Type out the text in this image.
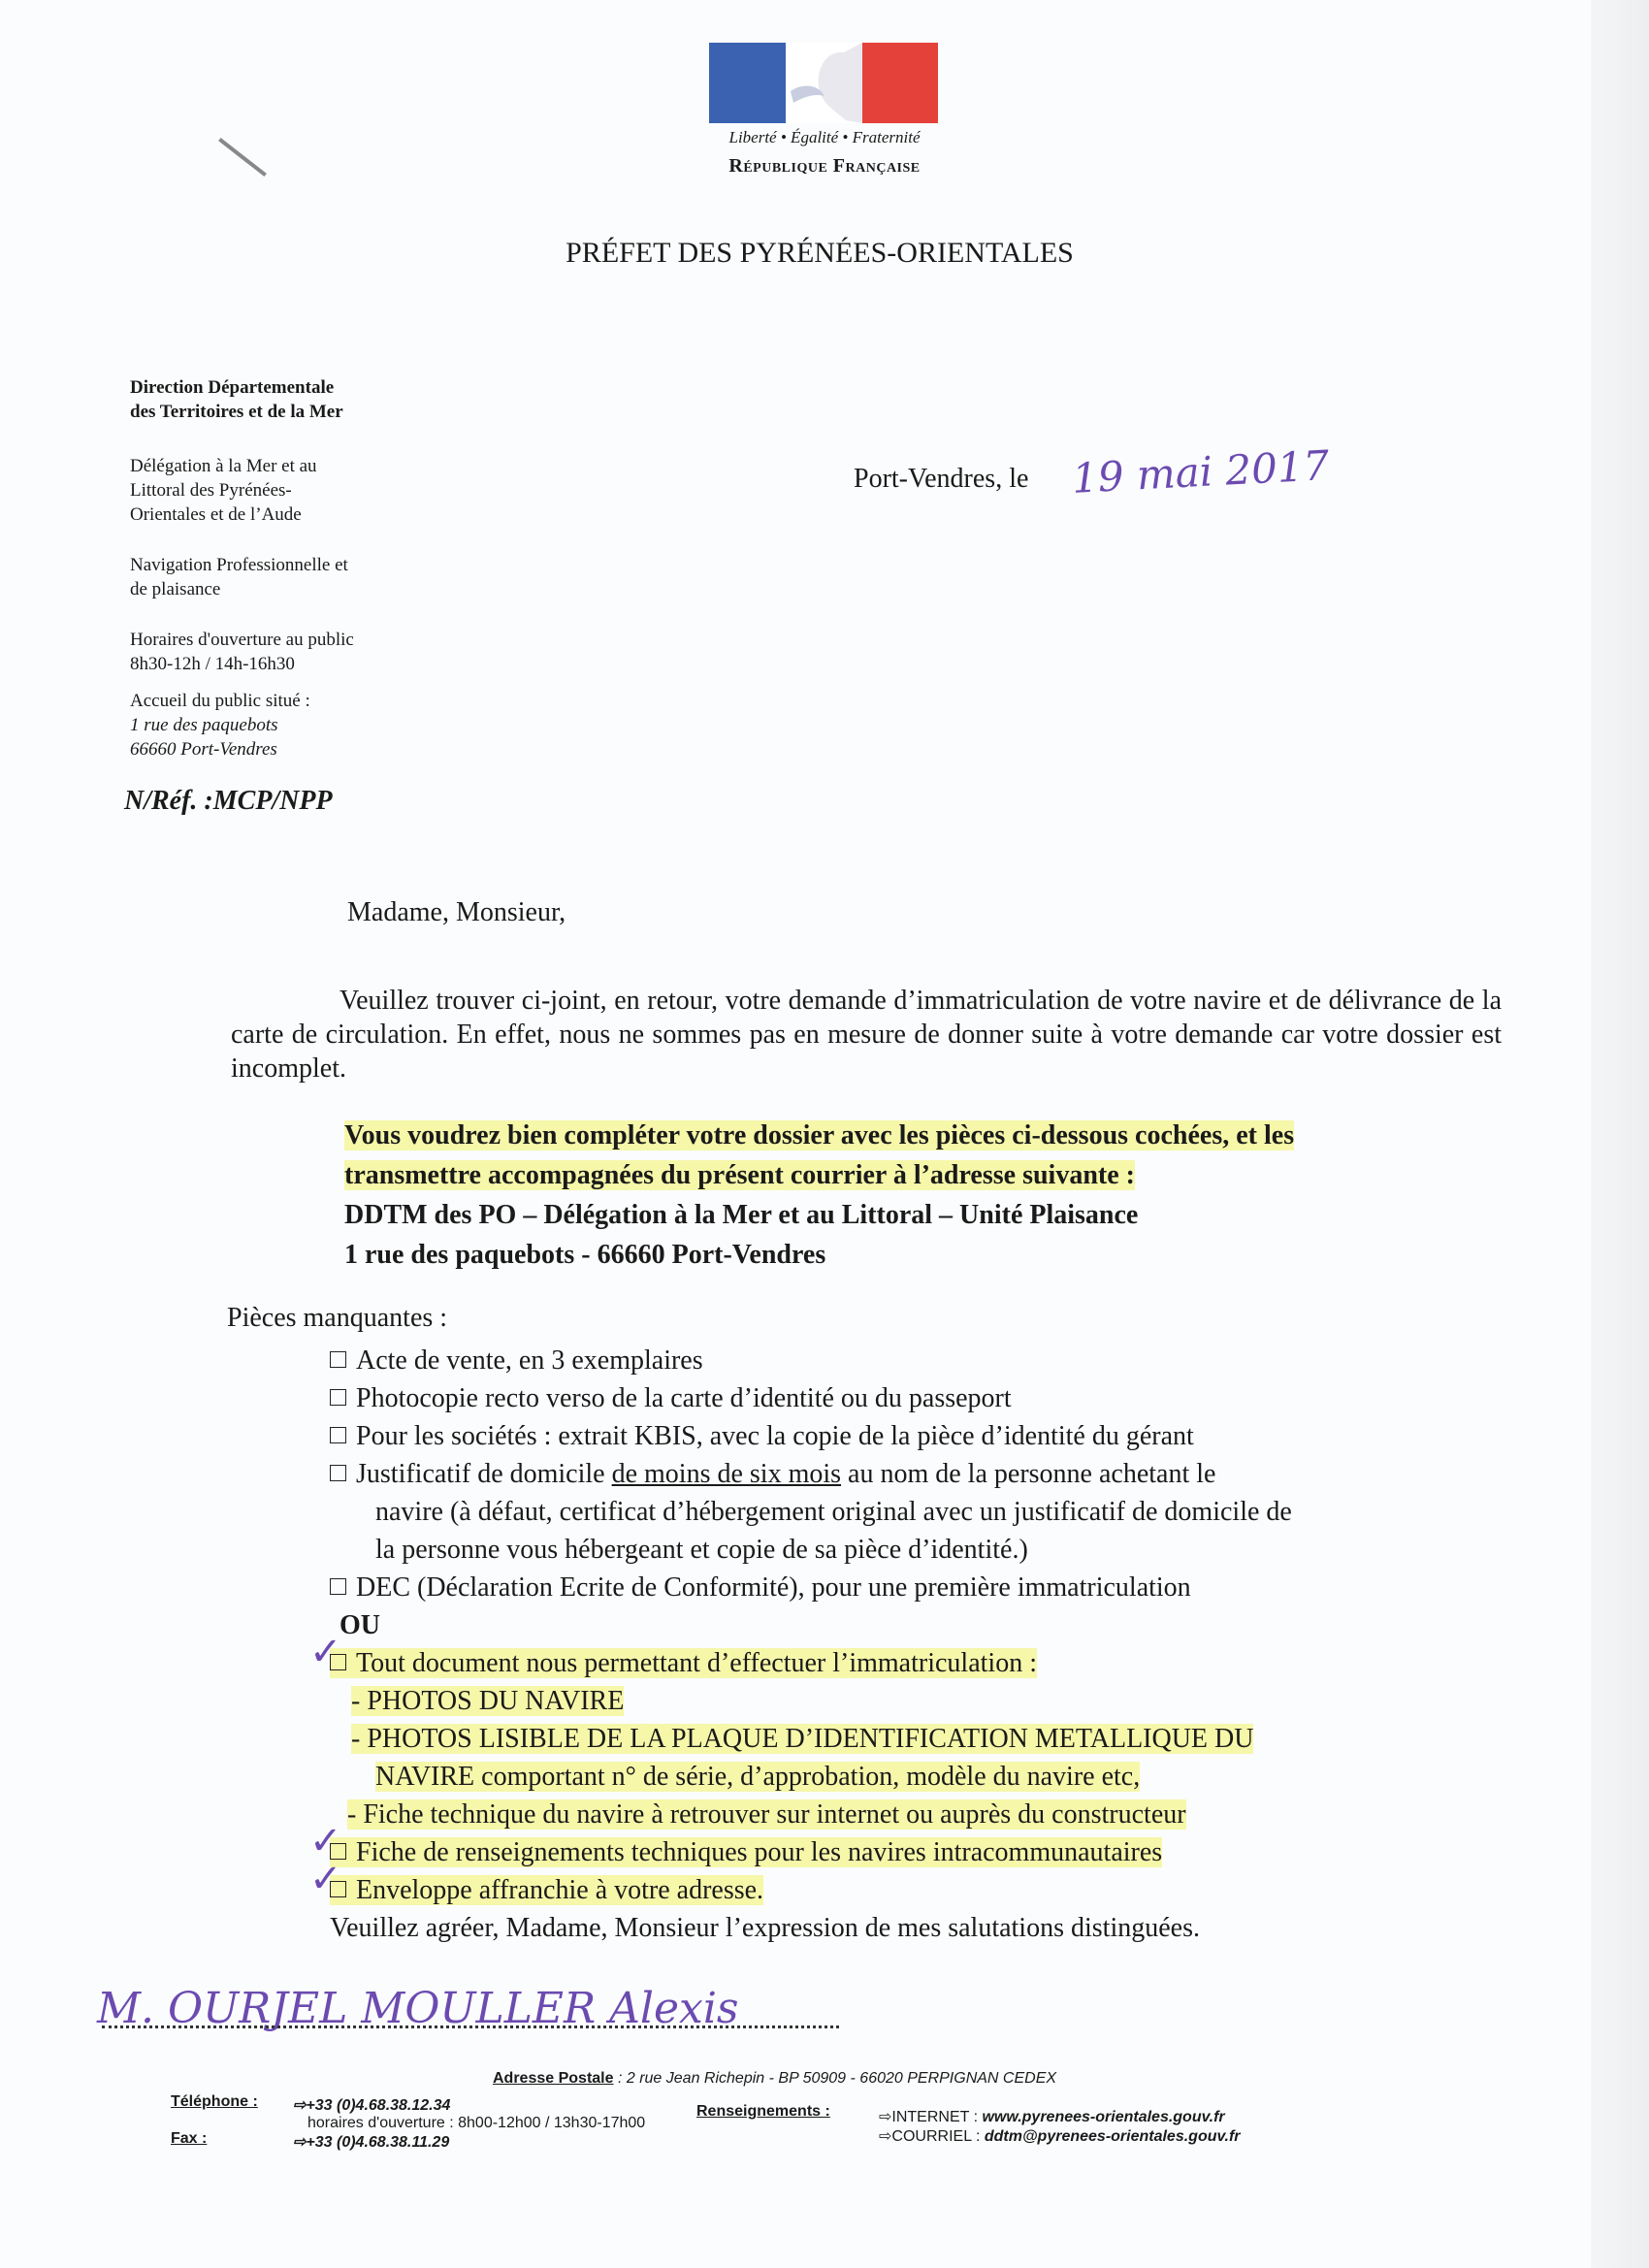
Liberté • Égalité • Fraternité
République Française
PRÉFET DES PYRÉNÉES-ORIENTALES
Direction Départementale
des Territoires et de la Mer
Délégation à la Mer et au
Littoral des Pyrénées-
Orientales et de l’Aude
Navigation Professionnelle et
de plaisance
Horaires d'ouverture au public
8h30-12h / 14h-16h30
Accueil du public situé :
1 rue des paquebots
66660 Port-Vendres
N/Réf. :MCP/NPP
Port-Vendres, le 19 mai 2017
Madame, Monsieur,
Veuillez trouver ci-joint, en retour, votre demande d’immatriculation de votre navire et de délivrance de la carte de circulation. En effet, nous ne sommes pas en mesure de donner suite à votre demande car votre dossier est incomplet.
Vous voudrez bien compléter votre dossier avec les pièces ci-dessous cochées, et les
transmettre accompagnées du présent courrier à l’adresse suivante :
DDTM des PO – Délégation à la Mer et au Littoral – Unité Plaisance
1 rue des paquebots - 66660 Port-Vendres
Pièces manquantes :
Acte de vente, en 3 exemplaires
Photocopie recto verso de la carte d’identité ou du passeport
Pour les sociétés : extrait KBIS, avec la copie de la pièce d’identité du gérant
Justificatif de domicile de moins de six mois au nom de la personne achetant le
navire (à défaut, certificat d’hébergement original avec un justificatif de domicile de
la personne vous hébergeant et copie de sa pièce d’identité.)
DEC (Déclaration Ecrite de Conformité), pour une première immatriculation
OU
✓ Tout document nous permettant d’effectuer l’immatriculation :
- PHOTOS DU NAVIRE
- PHOTOS LISIBLE DE LA PLAQUE D’IDENTIFICATION METALLIQUE DU
NAVIRE comportant n° de série, d’approbation, modèle du navire etc,
- Fiche technique du navire à retrouver sur internet ou auprès du constructeur
✓ Fiche de renseignements techniques pour les navires intracommunautaires
✓ Enveloppe affranchie à votre adresse.
Veuillez agréer, Madame, Monsieur l’expression de mes salutations distinguées.
M. OURJEL MOULLER Alexis
Adresse Postale : 2 rue Jean Richepin - BP 50909 - 66020 PERPIGNAN CEDEX
Téléphone : ⇨+33 (0)4.68.38.12.34
horaires d'ouverture : 8h00-12h00 / 13h30-17h00
Fax :	⇨+33 (0)4.68.38.11.29
Renseignements :	⇨INTERNET : www.pyrenees-orientales.gouv.fr
⇨COURRIEL : ddtm@pyrenees-orientales.gouv.fr
